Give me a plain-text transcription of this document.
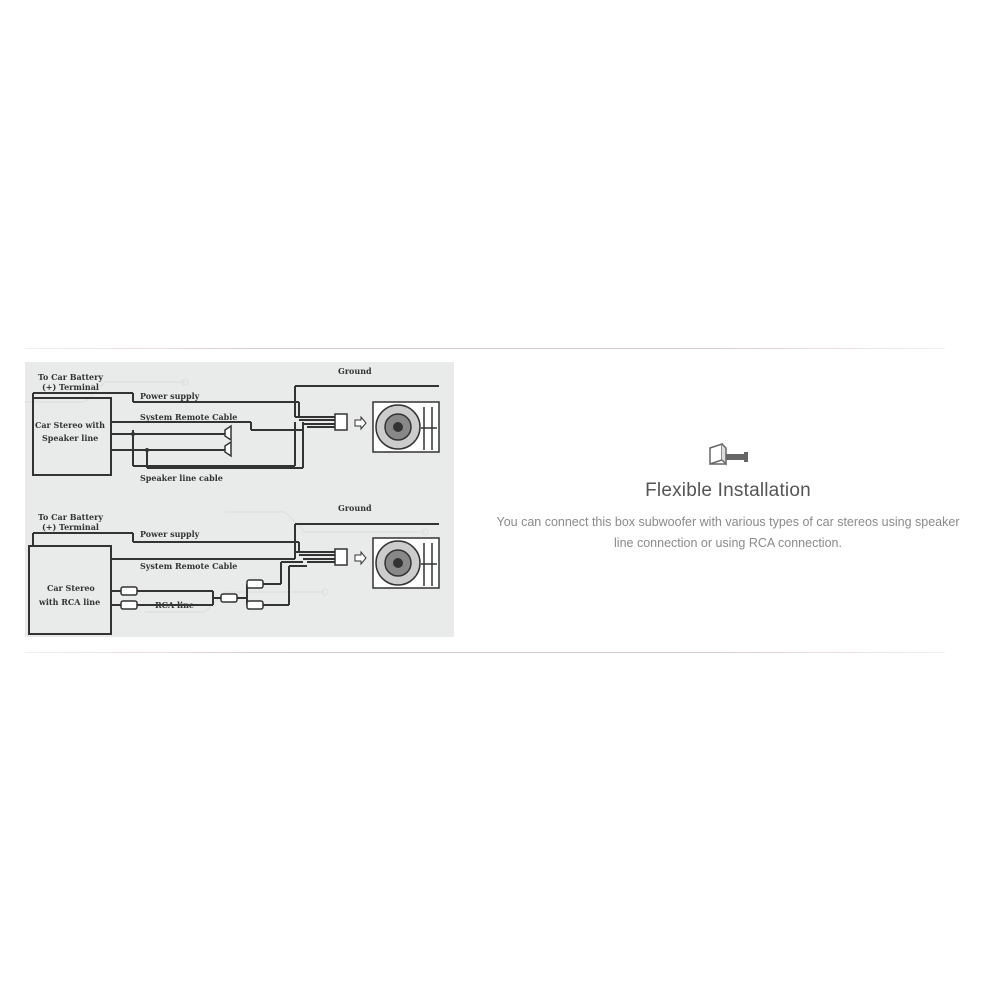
To Car Battery
(+) Terminal
Ground
Power supply
System Remote Cable
Car Stereo with
Speaker line
Speaker line cable
To Car Battery
(+) Terminal
Ground
Power supply
System Remote Cable
Car Stereo
with RCA line	RCA line
Flexible Installation
You can connect this box subwoofer with various types of car stereos using speaker line connection or using RCA connection.
